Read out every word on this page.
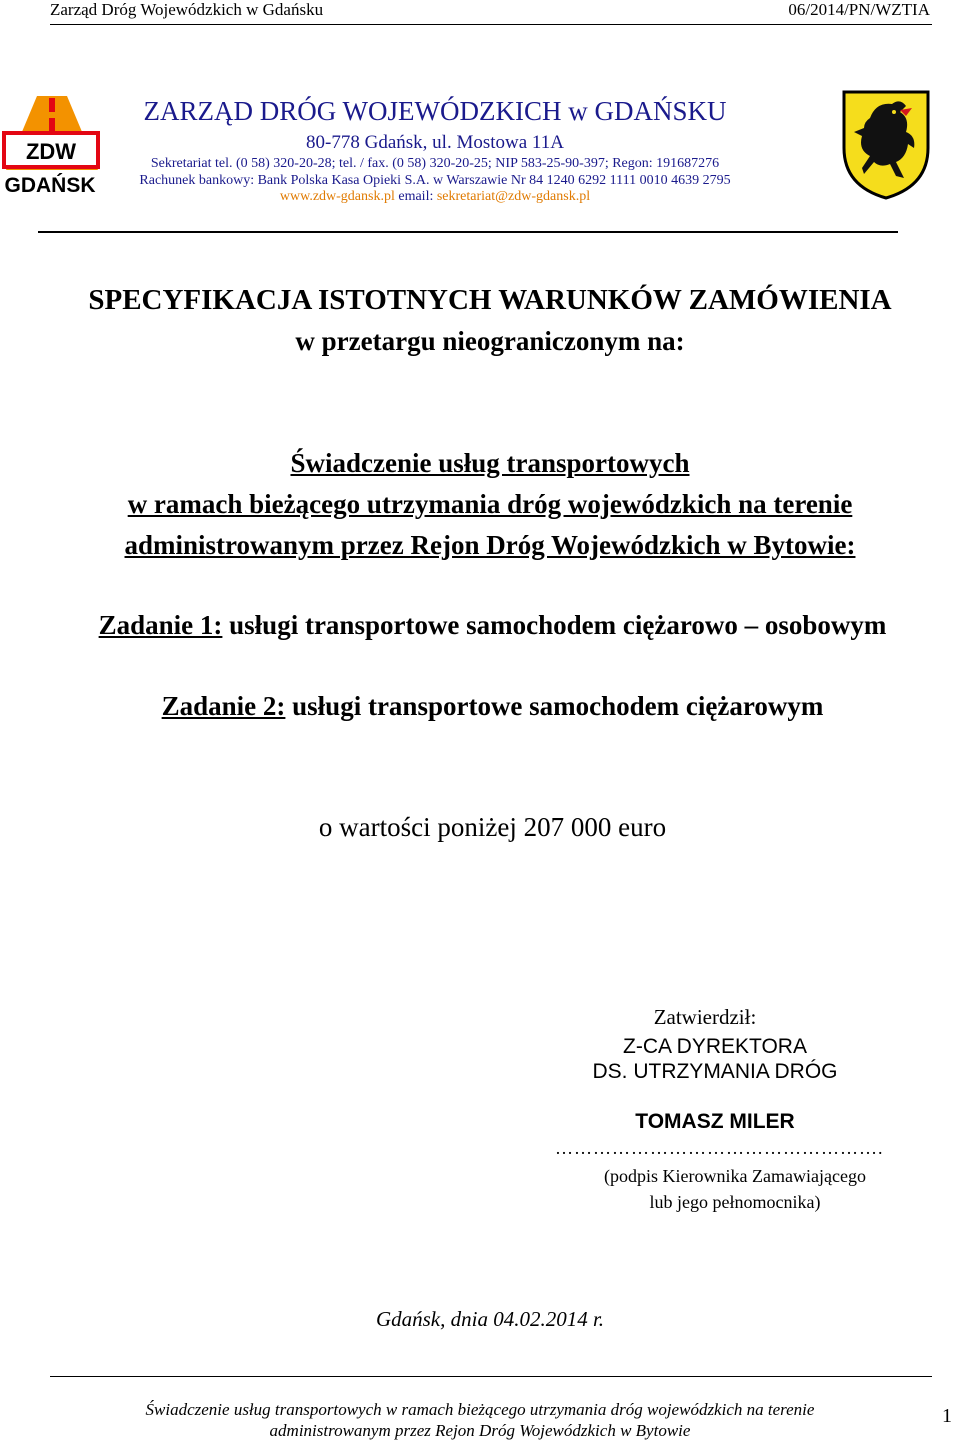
Zarząd Dróg Wojewódzkich w Gdańsku	06/2014/PN/WZTIA
ZDW
GDAŃSK
ZARZĄD DRÓG WOJEWÓDZKICH w GDAŃSKU
80-778 Gdańsk, ul. Mostowa 11A
Sekretariat tel. (0 58) 320-20-28; tel. / fax. (0 58) 320-20-25; NIP 583-25-90-397; Regon: 191687276
Rachunek bankowy: Bank Polska Kasa Opieki S.A. w Warszawie Nr 84 1240 6292 1111 0010 4639 2795
www.zdw-gdansk.pl email: sekretariat@zdw-gdansk.pl
SPECYFIKACJA ISTOTNYCH WARUNKÓW ZAMÓWIENIA
w przetargu nieograniczonym na:
Świadczenie usług transportowych
w ramach bieżącego utrzymania dróg wojewódzkich na terenie
administrowanym przez Rejon Dróg Wojewódzkich w Bytowie:
Zadanie 1: usługi transportowe samochodem ciężarowo – osobowym
Zadanie 2: usługi transportowe samochodem ciężarowym
o wartości poniżej 207 000 euro
Zatwierdził:
Z-CA DYREKTORA
DS. UTRZYMANIA DRÓG
TOMASZ MILER
…………………………………………….
(podpis Kierownika Zamawiającego
lub jego pełnomocnika)
Gdańsk, dnia 04.02.2014 r.
Świadczenie usług transportowych w ramach bieżącego utrzymania dróg wojewódzkich na terenie
administrowanym przez Rejon Dróg Wojewódzkich w Bytowie
1
